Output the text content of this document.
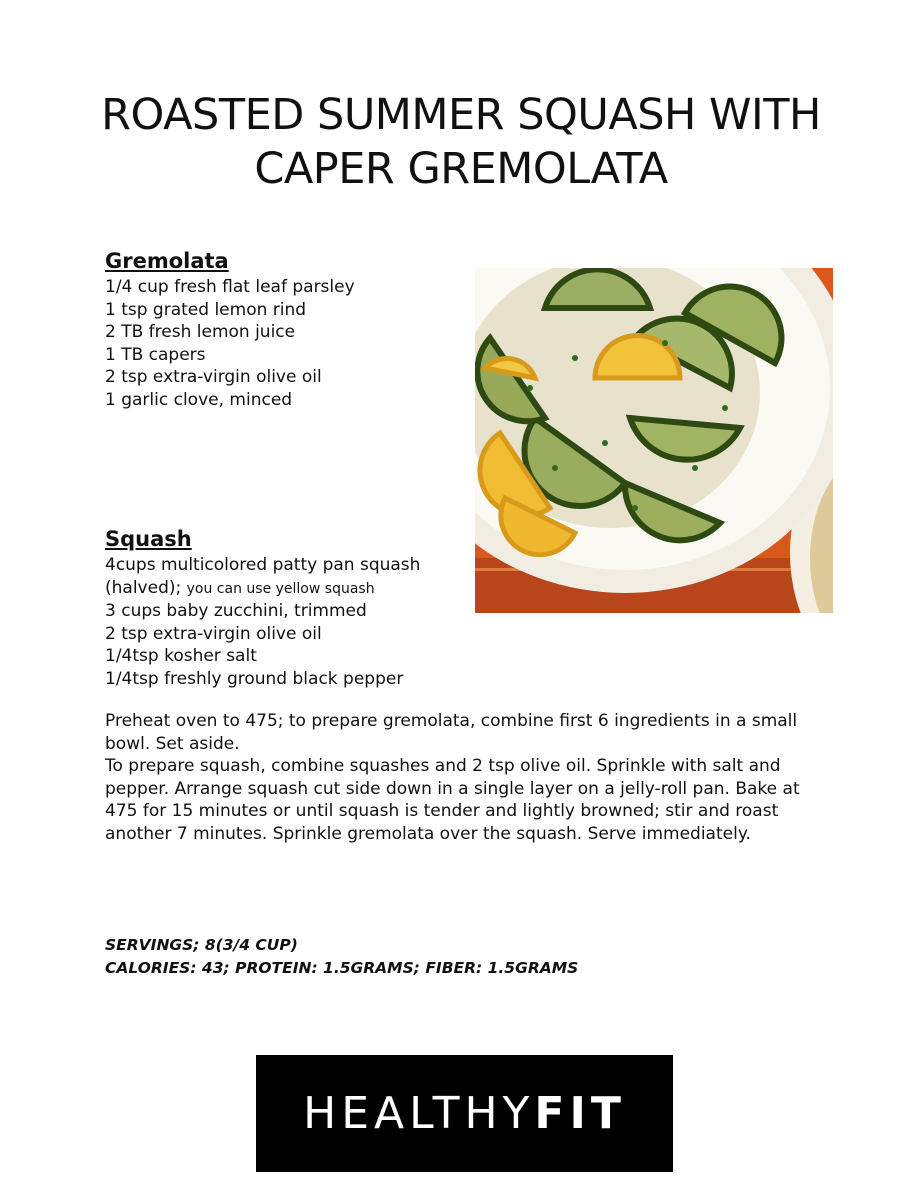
ROASTED SUMMER SQUASH WITH
CAPER GREMOLATA
Gremolata
1/4 cup fresh flat leaf parsley
1 tsp grated lemon rind
2 TB fresh lemon juice
1 TB capers
2 tsp extra-virgin olive oil
1 garlic clove, minced
Squash
4cups multicolored patty pan squash
(halved); you can use yellow squash
3 cups baby zucchini, trimmed
2 tsp extra-virgin olive oil
1/4tsp kosher salt
1/4tsp freshly ground black pepper

Preheat oven to 475; to prepare gremolata, combine first 6 ingredients in a small bowl. Set aside.

To prepare squash, combine squashes and 2 tsp olive oil. Sprinkle with salt and pepper. Arrange squash cut side down in a single layer on a jelly-roll pan. Bake at 475 for 15 minutes or until squash is tender and lightly browned; stir and roast another 7 minutes. Sprinkle gremolata over the squash. Serve immediately.

SERVINGS; 8(3/4 CUP)
CALORIES: 43; PROTEIN: 1.5GRAMS; FIBER: 1.5GRAMS
HEALTHY FIT
